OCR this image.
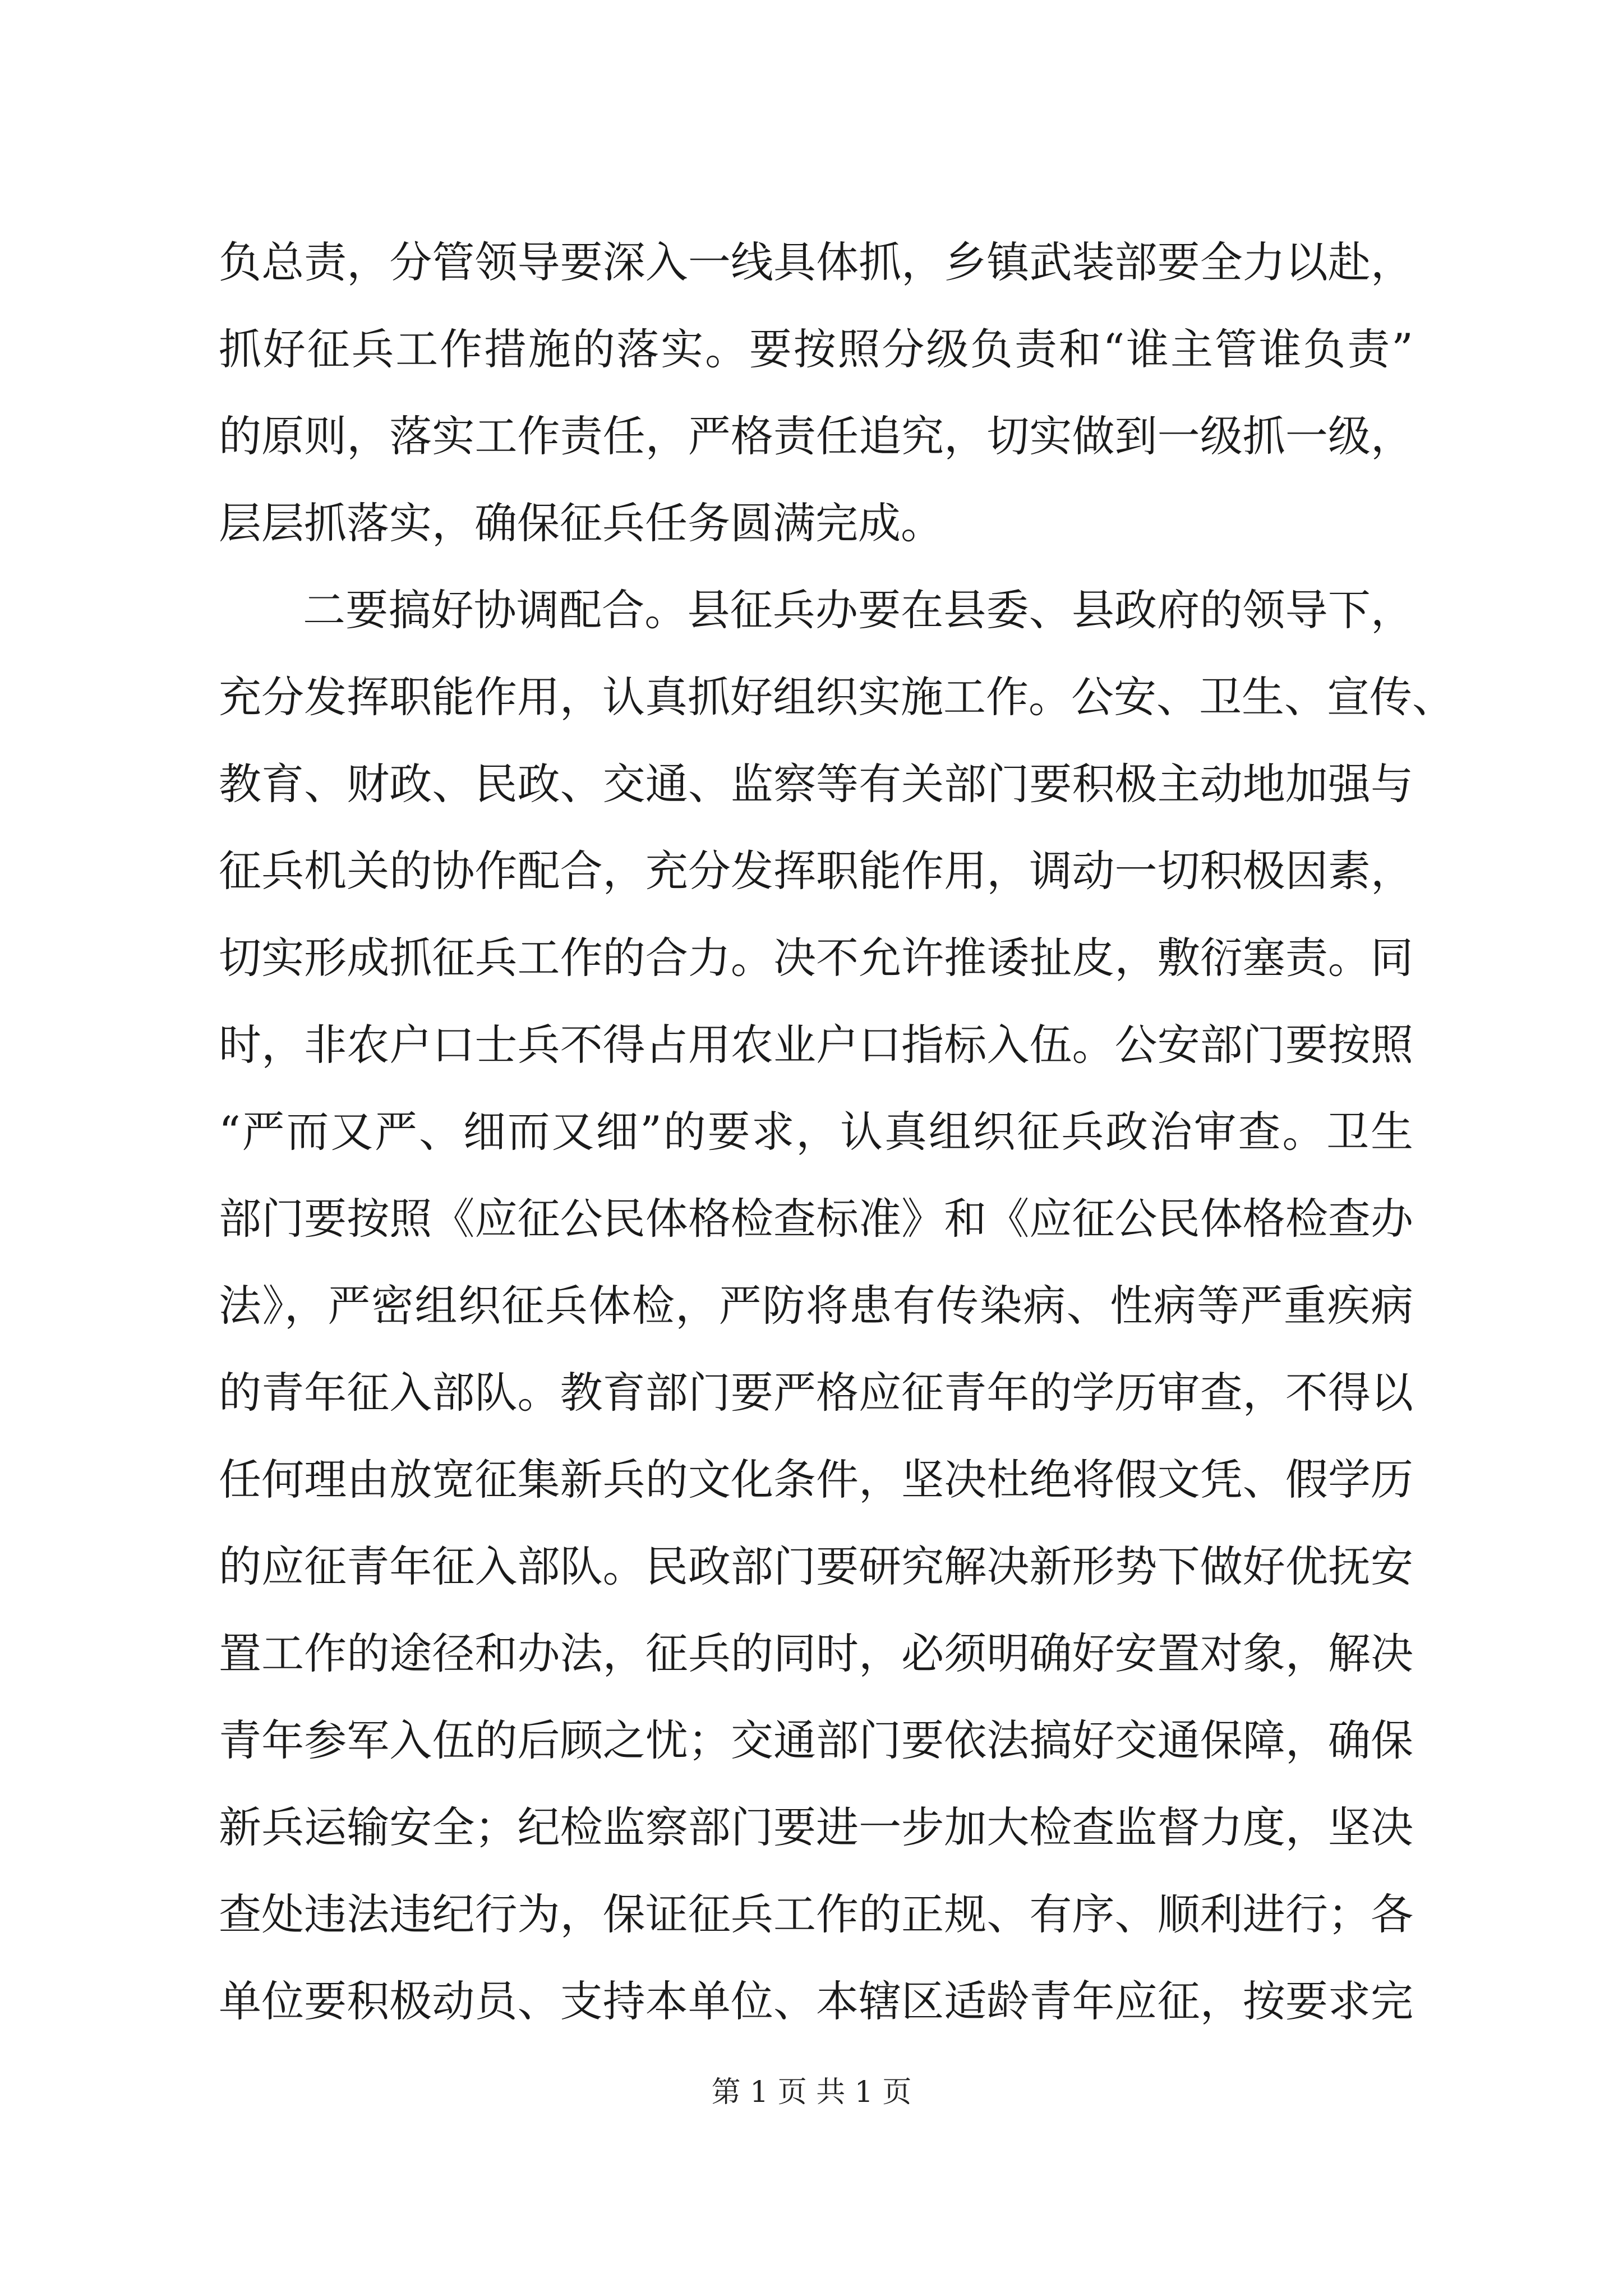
负总责，分管领导要深入一线具体抓，乡镇武装部要全力以赴，
抓好征兵工作措施的落实。要按照分级负责和“谁主管谁负责”
的原则，落实工作责任，严格责任追究，切实做到一级抓一级，
层层抓落实，确保征兵任务圆满完成。
二要搞好协调配合。县征兵办要在县委、县政府的领导下，
充分发挥职能作用，认真抓好组织实施工作。公安、卫生、宣传、
教育、财政、民政、交通、监察等有关部门要积极主动地加强与
征兵机关的协作配合，充分发挥职能作用，调动一切积极因素，
切实形成抓征兵工作的合力。决不允许推诿扯皮，敷衍塞责。同
时，非农户口士兵不得占用农业户口指标入伍。公安部门要按照
“严而又严、细而又细”的要求，认真组织征兵政治审查。卫生
部门要按照《应征公民体格检查标准》和《应征公民体格检查办
法》，严密组织征兵体检，严防将患有传染病、性病等严重疾病
的青年征入部队。教育部门要严格应征青年的学历审查，不得以
任何理由放宽征集新兵的文化条件，坚决杜绝将假文凭、假学历
的应征青年征入部队。民政部门要研究解决新形势下做好优抚安
置工作的途径和办法，征兵的同时，必须明确好安置对象，解决
青年参军入伍的后顾之忧；交通部门要依法搞好交通保障，确保
新兵运输安全；纪检监察部门要进一步加大检查监督力度，坚决
查处违法违纪行为，保证征兵工作的正规、有序、顺利进行；各
单位要积极动员、支持本单位、本辖区适龄青年应征，按要求完
第 1 页 共 1 页
